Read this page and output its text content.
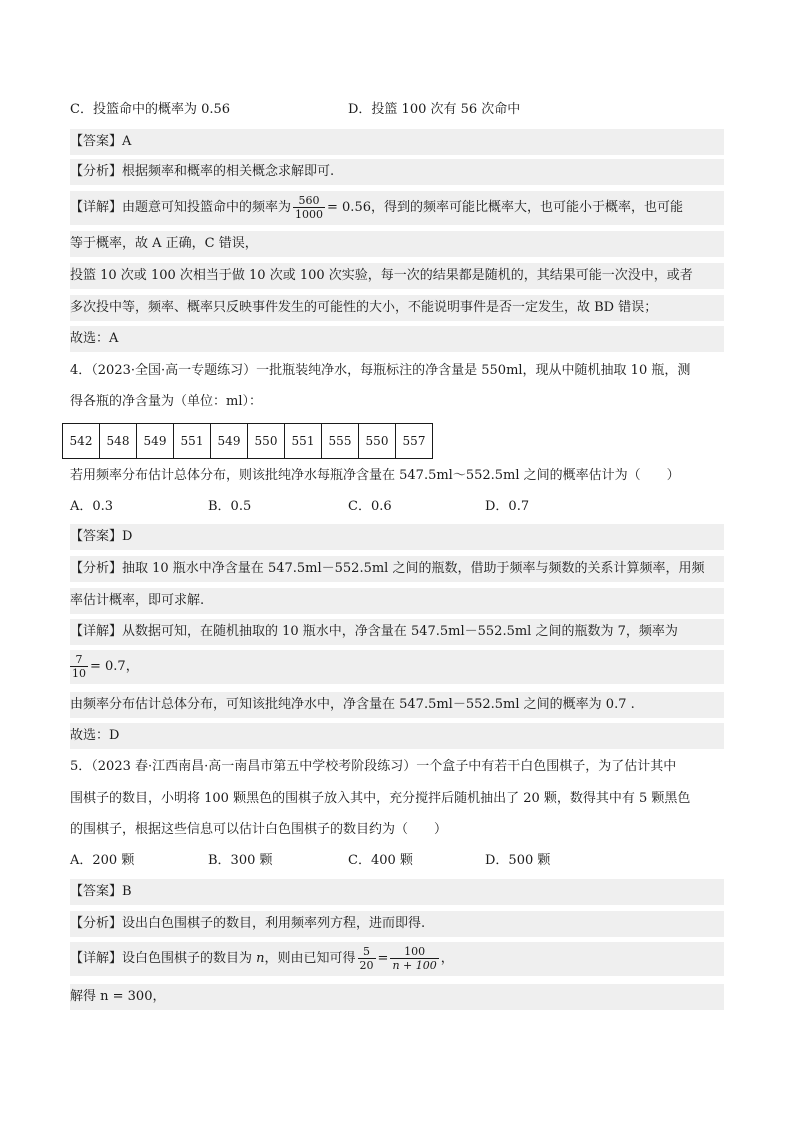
C．投篮命中的概率为 0.56	D．投篮 100 次有 56 次命中
【答案】A
【分析】根据频率和概率的相关概念求解即可.
【详解】由题意可知投篮命中的频率为 $\frac{560}{1000} = 0.56$，得到的频率可能比概率大，也可能小于概率，也可能
等于概率，故 A 正确，C 错误，
投篮 10 次或 100 次相当于做 10 次或 100 次实验，每一次的结果都是随机的，其结果可能一次没中，或者
多次投中等，频率、概率只反映事件发生的可能性的大小，不能说明事件是否一定发生，故 BD 错误；
故选：A
4．（2023·全国·高一专题练习）一批瓶装纯净水，每瓶标注的净含量是 550ml，现从中随机抽取 10 瓶，测
得各瓶的净含量为（单位：ml）：
542	548	549	551	549	550	551	555	550	557
若用频率分布估计总体分布，则该批纯净水每瓶净含量在 547.5ml～552.5ml 之间的概率估计为（　　）
A．0.3	B．0.5	C．0.6	D．0.7
【答案】D
【分析】抽取 10 瓶水中净含量在 547.5ml－552.5ml 之间的瓶数，借助于频率与频数的关系计算频率，用频
率估计概率，即可求解.
【详解】从数据可知，在随机抽取的 10 瓶水中，净含量在 547.5ml－552.5ml 之间的瓶数为 7，频率为
$\frac{7}{10} = 0.7$，
由频率分布估计总体分布，可知该批纯净水中，净含量在 547.5ml－552.5ml 之间的概率为 0.7 .
故选：D
5．（2023 春·江西南昌·高一南昌市第五中学校考阶段练习）一个盒子中有若干白色围棋子，为了估计其中
围棋子的数目，小明将 100 颗黑色的围棋子放入其中，充分搅拌后随机抽出了 20 颗，数得其中有 5 颗黑色
的围棋子，根据这些信息可以估计白色围棋子的数目约为（　　）
A．200 颗	B．300 颗	C．400 颗	D．500 颗
【答案】B
【分析】设出白色围棋子的数目，利用频率列方程，进而即得.
【详解】设白色围棋子的数目为 n，则由已知可得 $\frac{5}{20} = \frac{100}{n + 100}$ ，
解得 n = 300，
